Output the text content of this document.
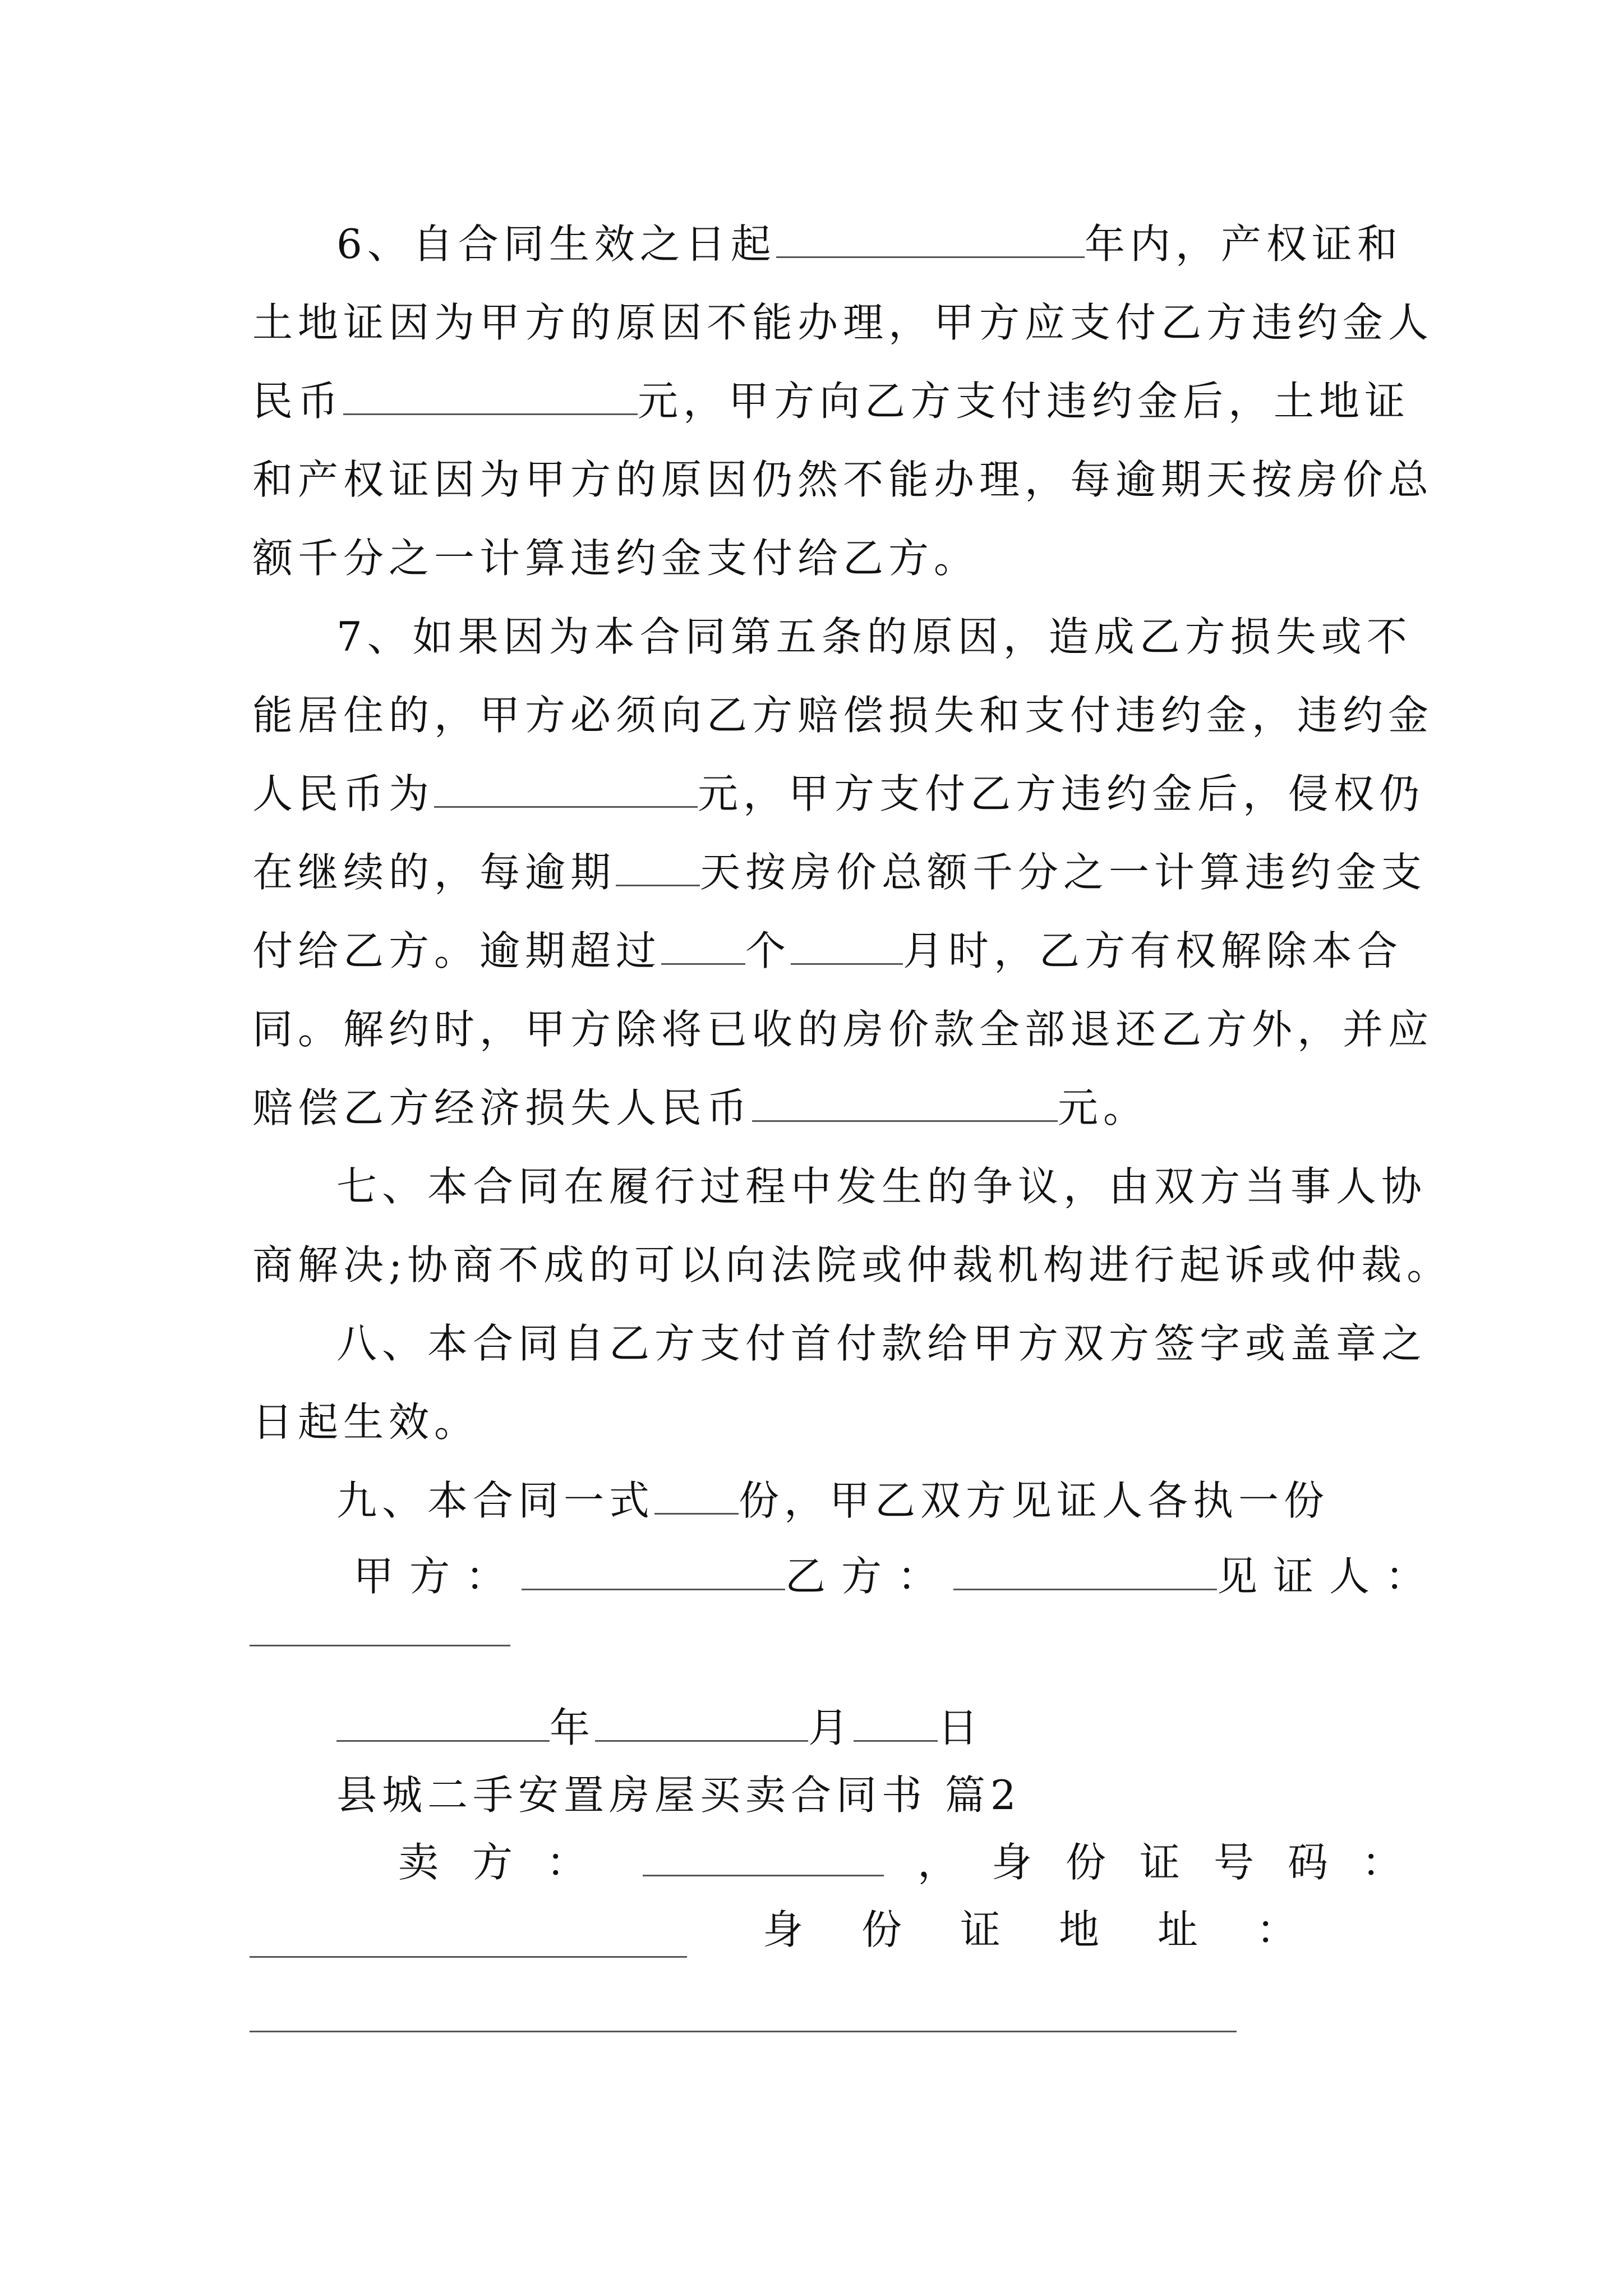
6、自合同生效之日起	年内，产权证和
土地证因为甲方的原因不能办理，甲方应支付乙方违约金人
民币	元，甲方向乙方支付违约金后，土地证
和产权证因为甲方的原因仍然不能办理，每逾期天按房价总
额千分之一计算违约金支付给乙方。
7、如果因为本合同第五条的原因，造成乙方损失或不
能居住的，甲方必须向乙方赔偿损失和支付违约金，违约金
人民币为	元，甲方支付乙方违约金后，侵权仍
在继续的，每逾期 天按房价总额千分之一计算违约金支
付给乙方。逾期超过 个	月时，乙方有权解除本合
同。解约时，甲方除将已收的房价款全部退还乙方外，并应
赔偿乙方经济损失人民币	元。
七、本合同在履行过程中发生的争议，由双方当事人协
商解决;协商不成的可以向法院或仲裁机构进行起诉或仲裁。
八、本合同自乙方支付首付款给甲方双方签字或盖章之
日起生效。
九、本合同一式 份，甲乙双方见证人各执一份
甲方：	乙方：	见证人：
年	月 日
县城二手安置房屋买卖合同书 篇2
卖方：	，身份证号码：
身份证地址：
